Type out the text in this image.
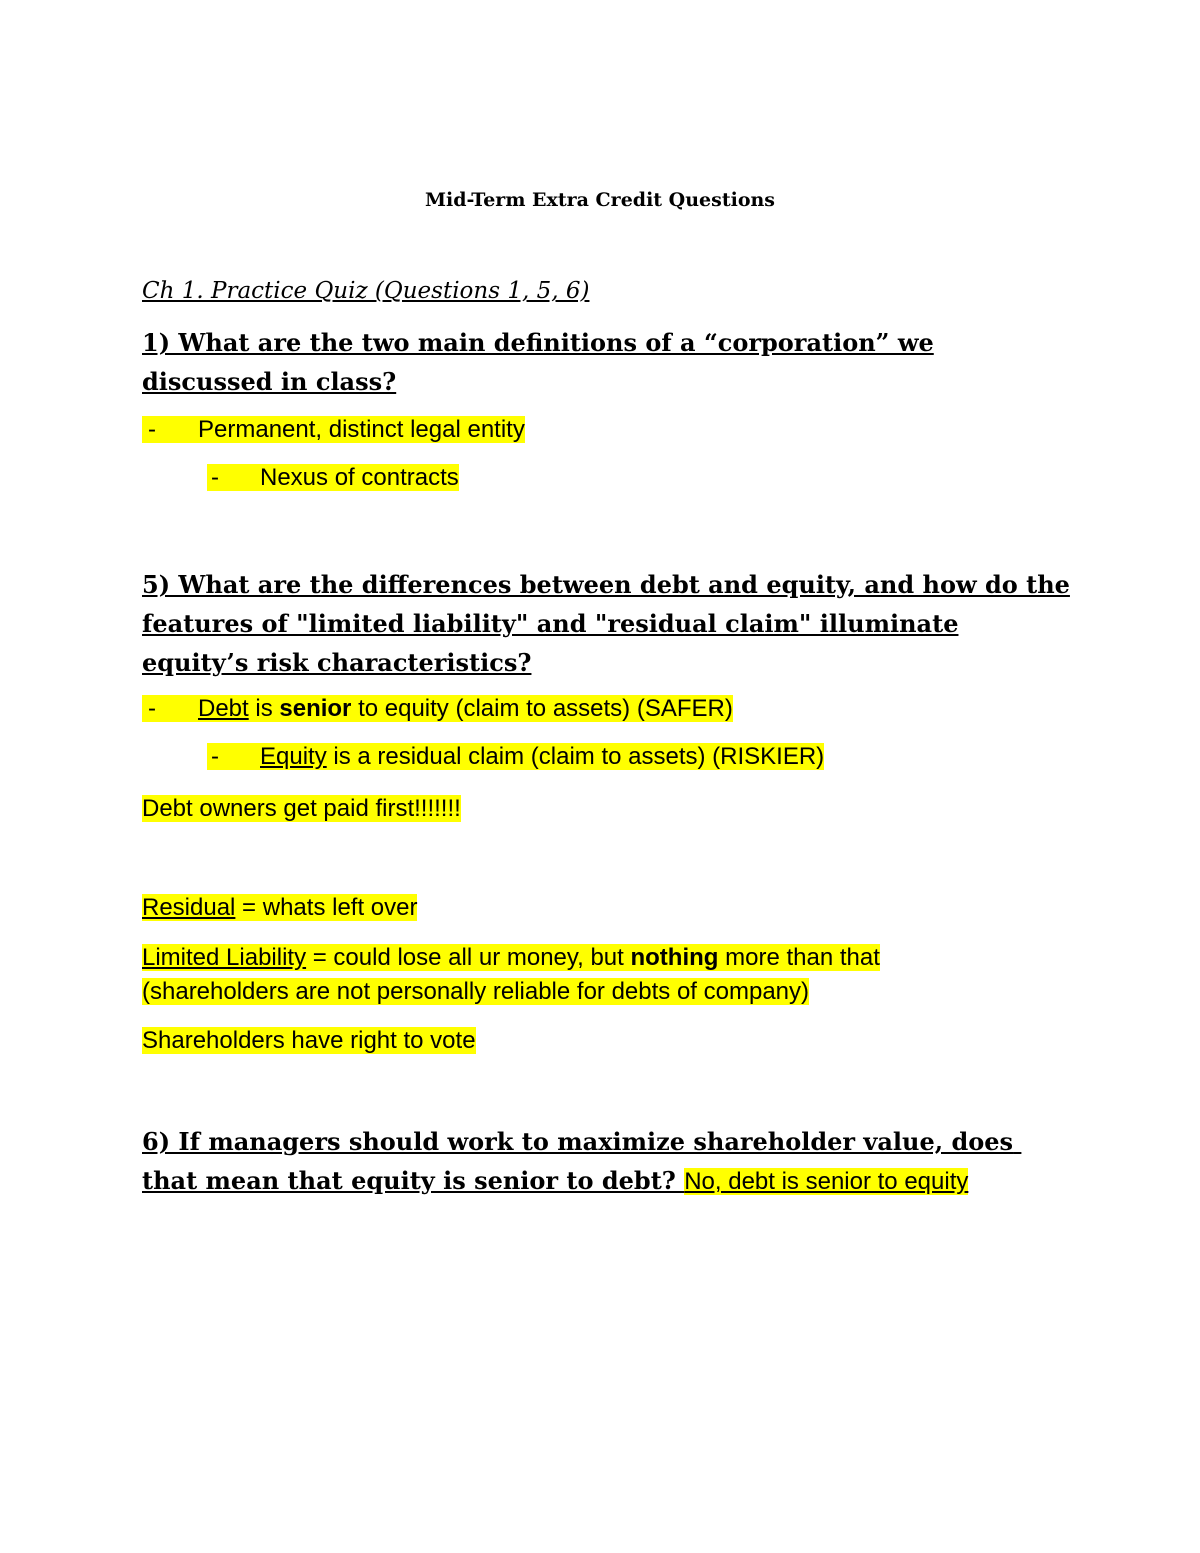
Mid-Term Extra Credit Questions
Ch 1. Practice Quiz (Questions 1, 5, 6)
1) What are the two main definitions of a “corporation” we discussed in class?
- Permanent, distinct legal entity
- Nexus of contracts
5) What are the differences between debt and equity, and how do the features of "limited liability" and "residual claim" illuminate equity’s risk characteristics?
- Debt is senior to equity (claim to assets) (SAFER)
- Equity is a residual claim (claim to assets) (RISKIER)
Debt owners get paid first!!!!!!!
Residual = whats left over
Limited Liability = could lose all ur money, but nothing more than that
(shareholders are not personally reliable for debts of company)
Shareholders have right to vote
6) If managers should work to maximize shareholder value, does that mean that equity is senior to debt? No, debt is senior to equity
